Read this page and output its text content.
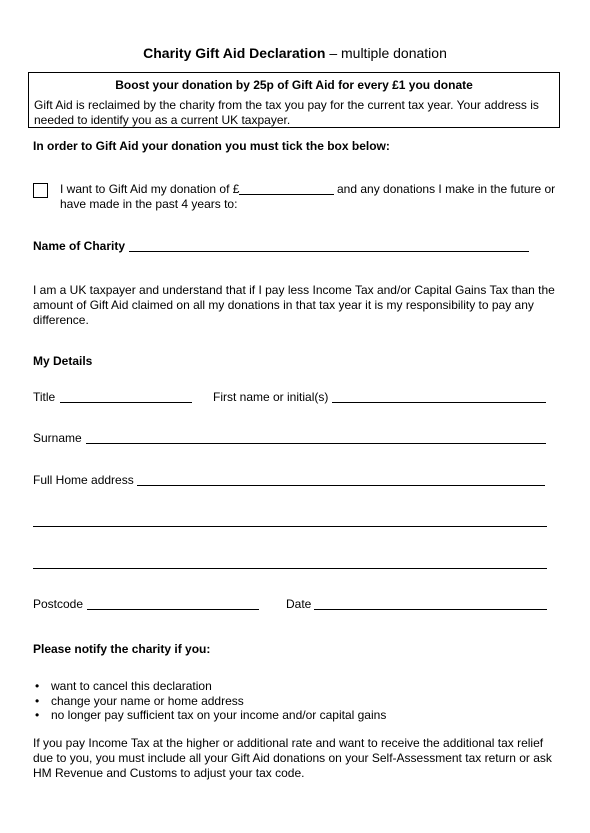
Charity Gift Aid Declaration – multiple donation
Boost your donation by 25p of Gift Aid for every £1 you donate
Gift Aid is reclaimed by the charity from the tax you pay for the current tax year. Your address is needed to identify you as a current UK taxpayer.
In order to Gift Aid your donation you must tick the box below:
I want to Gift Aid my donation of £	and any donations I make in the future or
have made in the past 4 years to:
Name of Charity
I am a UK taxpayer and understand that if I pay less Income Tax and/or Capital Gains Tax than the amount of Gift Aid claimed on all my donations in that tax year it is my responsibility to pay any difference.
My Details
Title	First name or initial(s)
Surname
Full Home address
Postcode	Date
Please notify the charity if you:
• want to cancel this declaration
• change your name or home address
• no longer pay sufficient tax on your income and/or capital gains
If you pay Income Tax at the higher or additional rate and want to receive the additional tax relief due to you, you must include all your Gift Aid donations on your Self-Assessment tax return or ask HM Revenue and Customs to adjust your tax code.
